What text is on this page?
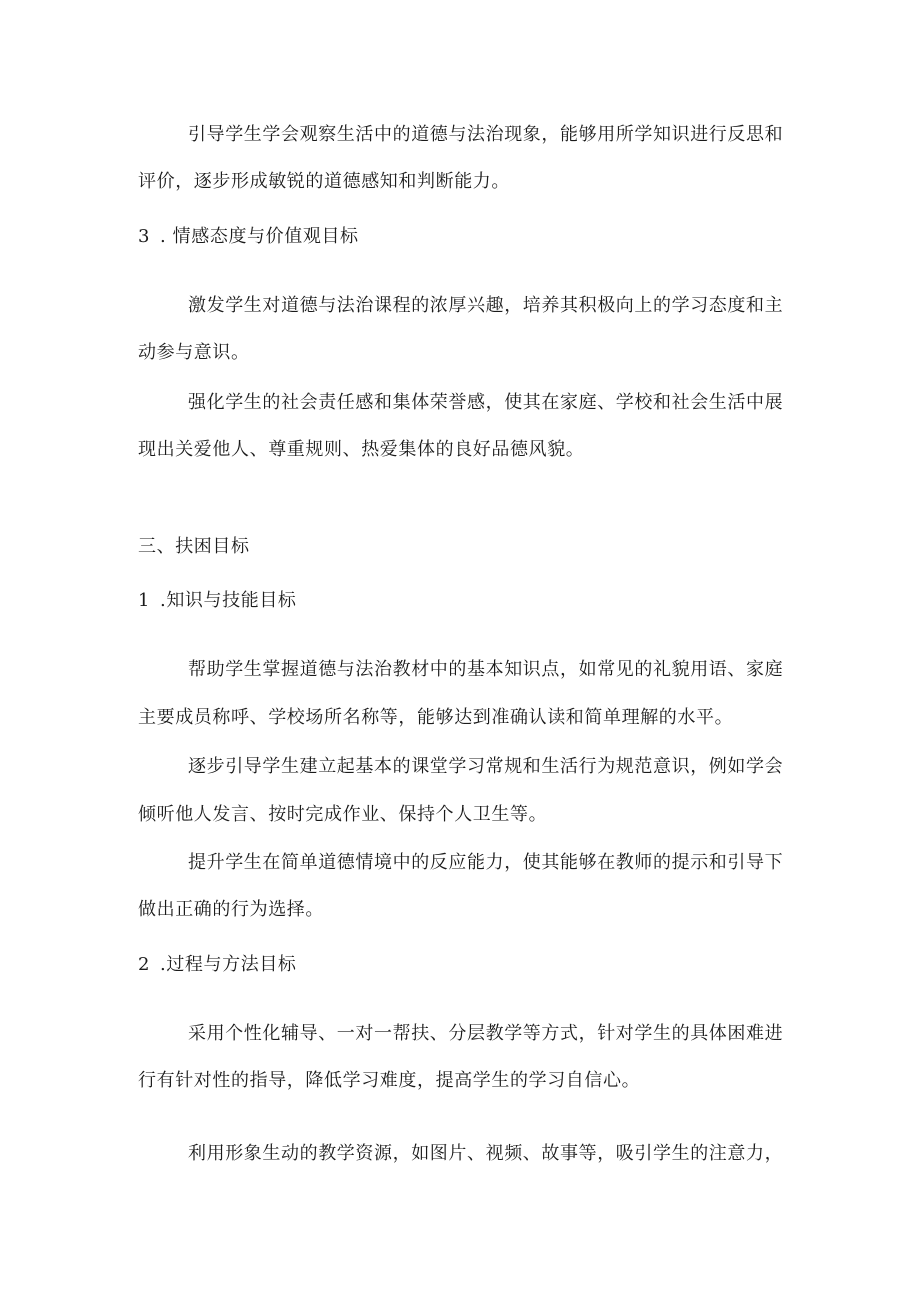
引导学生学会观察生活中的道德与法治现象，能够用所学知识进行反思和
评价，逐步形成敏锐的道德感知和判断能力。
3 . 情感态度与价值观目标
激发学生对道德与法治课程的浓厚兴趣，培养其积极向上的学习态度和主
动参与意识。
强化学生的社会责任感和集体荣誉感，使其在家庭、学校和社会生活中展
现出关爱他人、尊重规则、热爱集体的良好品德风貌。
三、扶困目标
1 .知识与技能目标
帮助学生掌握道德与法治教材中的基本知识点，如常见的礼貌用语、家庭
主要成员称呼、学校场所名称等，能够达到准确认读和简单理解的水平。
逐步引导学生建立起基本的课堂学习常规和生活行为规范意识，例如学会
倾听他人发言、按时完成作业、保持个人卫生等。
提升学生在简单道德情境中的反应能力，使其能够在教师的提示和引导下
做出正确的行为选择。
2 .过程与方法目标
采用个性化辅导、一对一帮扶、分层教学等方式，针对学生的具体困难进
行有针对性的指导，降低学习难度，提高学生的学习自信心。
利用形象生动的教学资源，如图片、视频、故事等，吸引学生的注意力，
